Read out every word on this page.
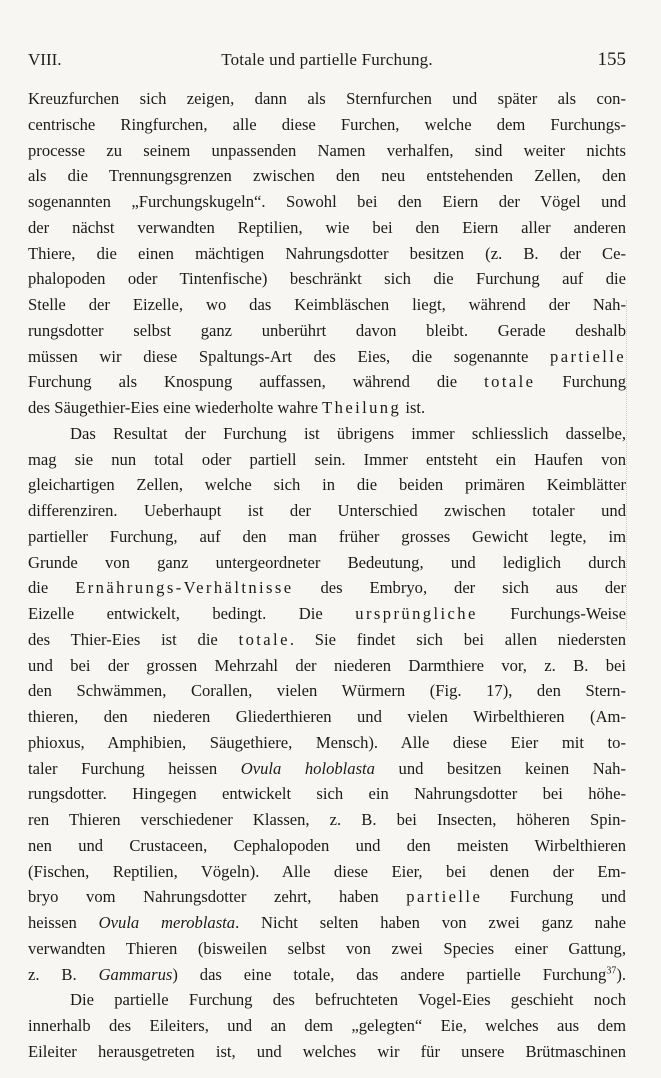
VIII.	Totale und partielle Furchung.	155
Kreuzfurchen sich zeigen, dann als Sternfurchen und später als con-
centrische Ringfurchen, alle diese Furchen, welche dem Furchungs-
processe zu seinem unpassenden Namen verhalfen, sind weiter nichts
als die Trennungsgrenzen zwischen den neu entstehenden Zellen, den
sogenannten „Furchungskugeln“. Sowohl bei den Eiern der Vögel und
der nächst verwandten Reptilien, wie bei den Eiern aller anderen
Thiere, die einen mächtigen Nahrungsdotter besitzen (z. B. der Ce-
phalopoden oder Tintenfische) beschränkt sich die Furchung auf die
Stelle der Eizelle, wo das Keimbläschen liegt, während der Nah-
rungsdotter selbst ganz unberührt davon bleibt. Gerade deshalb
müssen wir diese Spaltungs-Art des Eies, die sogenannte partielle
Furchung als Knospung auffassen, während die totale Furchung
des Säugethier-Eies eine wiederholte wahre Theilung ist.
Das Resultat der Furchung ist übrigens immer schliesslich dasselbe,
mag sie nun total oder partiell sein. Immer entsteht ein Haufen von
gleichartigen Zellen, welche sich in die beiden primären Keimblätter
differenziren. Ueberhaupt ist der Unterschied zwischen totaler und
partieller Furchung, auf den man früher grosses Gewicht legte, im
Grunde von ganz untergeordneter Bedeutung, und lediglich durch
die Ernährungs-Verhältnisse des Embryo, der sich aus der
Eizelle entwickelt, bedingt. Die ursprüngliche Furchungs-Weise
des Thier-Eies ist die totale. Sie findet sich bei allen niedersten
und bei der grossen Mehrzahl der niederen Darmthiere vor, z. B. bei
den Schwämmen, Corallen, vielen Würmern (Fig. 17), den Stern-
thieren, den niederen Gliederthieren und vielen Wirbelthieren (Am-
phioxus, Amphibien, Säugethiere, Mensch). Alle diese Eier mit to-
taler Furchung heissen Ovula holoblasta und besitzen keinen Nah-
rungsdotter. Hingegen entwickelt sich ein Nahrungsdotter bei höhe-
ren Thieren verschiedener Klassen, z. B. bei Insecten, höheren Spin-
nen und Crustaceen, Cephalopoden und den meisten Wirbelthieren
(Fischen, Reptilien, Vögeln). Alle diese Eier, bei denen der Em-
bryo vom Nahrungsdotter zehrt, haben partielle Furchung und
heissen Ovula meroblasta. Nicht selten haben von zwei ganz nahe
verwandten Thieren (bisweilen selbst von zwei Species einer Gattung,
z. B. Gammarus) das eine totale, das andere partielle Furchung$^{37}$).
Die partielle Furchung des befruchteten Vogel-Eies geschieht noch
innerhalb des Eileiters, und an dem „gelegten“ Eie, welches aus dem
Eileiter herausgetreten ist, und welches wir für unsere Brütmaschinen
